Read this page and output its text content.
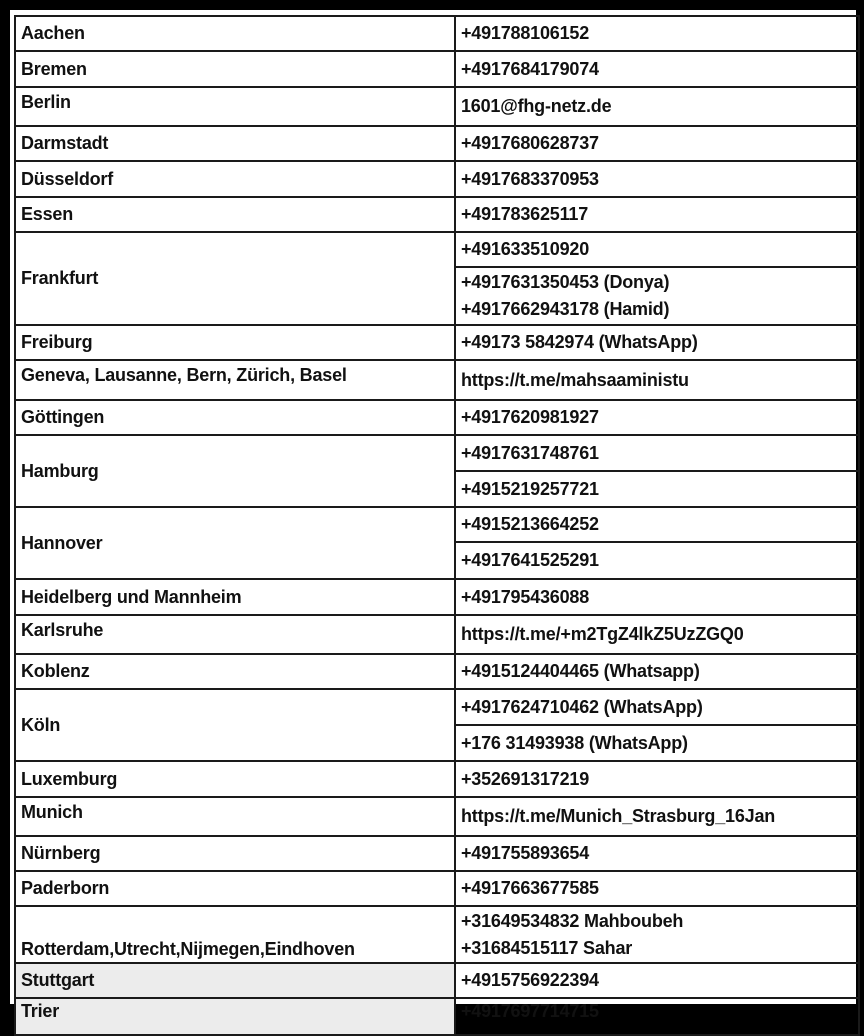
Aachen	+491788106152
Bremen	+4917684179074
Berlin	1601@fhg-netz.de
Darmstadt	+4917680628737
Düsseldorf	+4917683370953
Essen	+491783625117
Frankfurt	+491633510920
	+4917631350453 (Donya)
+4917662943178 (Hamid)
Freiburg	+49173 5842974 (WhatsApp)
Geneva, Lausanne, Bern, Zürich, Basel	https://t.me/mahsaaministu
Göttingen	+4917620981927
Hamburg	+4917631748761
	+4915219257721
Hannover	+4915213664252
	+4917641525291
Heidelberg und Mannheim	+491795436088
Karlsruhe	https://t.me/+m2TgZ4lkZ5UzZGQ0
Koblenz	+4915124404465 (Whatsapp)
Köln	+4917624710462 (WhatsApp)
	+176 31493938 (WhatsApp)
Luxemburg	+352691317219
Munich	https://t.me/Munich_Strasburg_16Jan
Nürnberg	+491755893654
Paderborn	+4917663677585
Rotterdam,Utrecht,Nijmegen,Eindhoven	+31649534832 Mahboubeh
+31684515117 Sahar
Stuttgart	+4915756922394
Trier	+4917697714715
